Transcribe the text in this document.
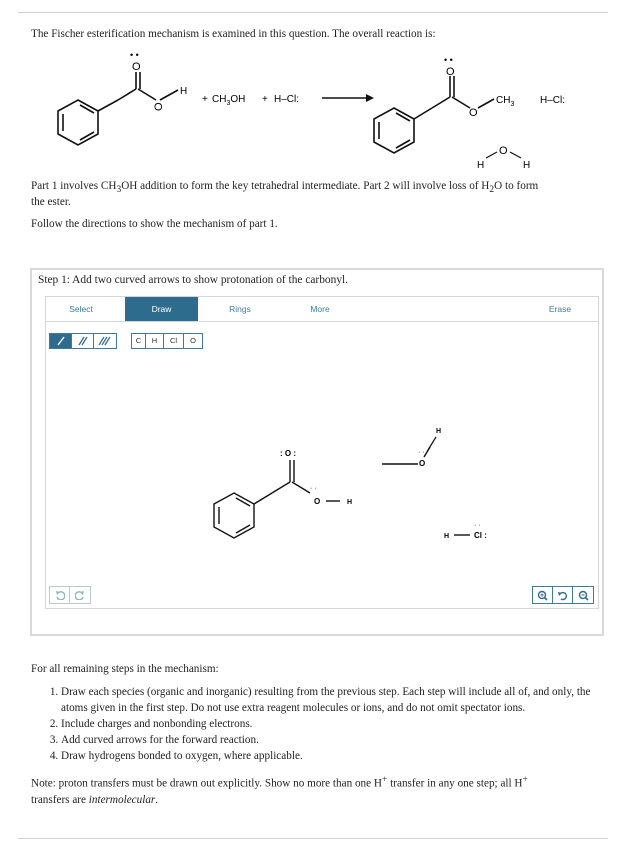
The Fischer esterification mechanism is examined in this question. The overall reaction is:

O
• •
O
H
+ $CH_3OH + H-Cl$:
O
• •
O
$CH_3$	H–Cl:
O
H	H

Part 1 involves $CH_3OH$ addition to form the key tetrahedral intermediate. Part 2 will involve loss of $H_2O$ to form

the ester.

Follow the directions to show the mechanism of part 1.

Step 1: Add two curved arrows to show protonation of the carbonyl.
Select	Draw	Rings	More	Erase
C	H	Cl	O
: O :
O
· ·
H
H
O
· ·
H	Cl :
· ·

For all remaining steps in the mechanism:

1. Draw each species (organic and inorganic) resulting from the previous step. Each step will include all of, and only, the atoms given in the first step. Do not use extra reagent molecules or ions, and do not omit spectator ions.
2. Include charges and nonbonding electrons.
3. Add curved arrows for the forward reaction.
4. Draw hydrogens bonded to oxygen, where applicable.

Note: proton transfers must be drawn out explicitly. Show no more than one H+ transfer in any one step; all H+
transfers are intermolecular.
